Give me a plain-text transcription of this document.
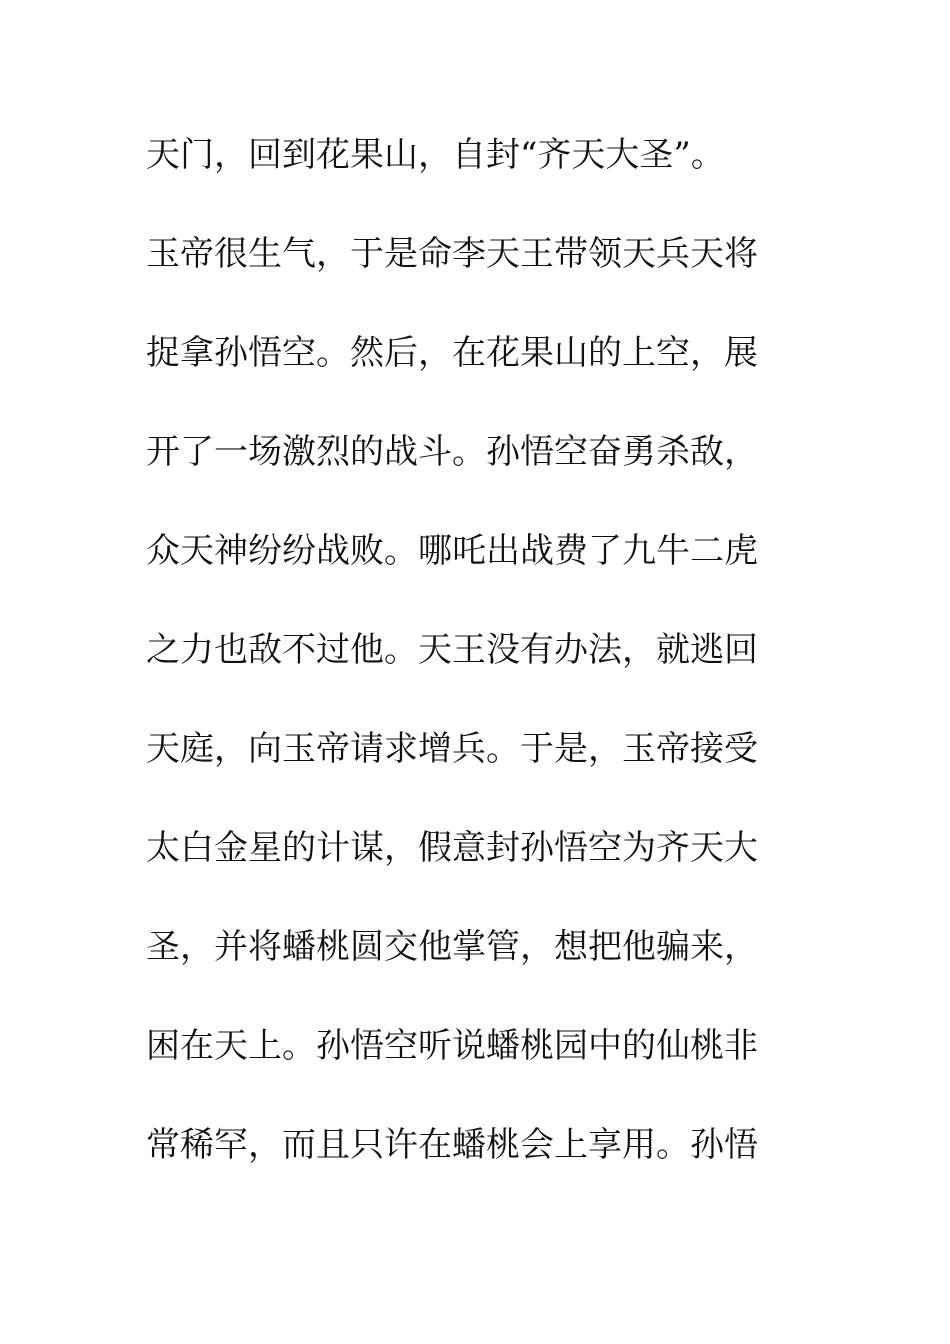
天门，回到花果山，自封“齐天大圣”。
玉帝很生气，于是命李天王带领天兵天将
捉拿孙悟空。然后，在花果山的上空，展
开了一场激烈的战斗。孙悟空奋勇杀敌，
众天神纷纷战败。哪吒出战费了九牛二虎
之力也敌不过他。天王没有办法，就逃回
天庭，向玉帝请求增兵。于是，玉帝接受
太白金星的计谋，假意封孙悟空为齐天大
圣，并将蟠桃圆交他掌管，想把他骗来，
困在天上。孙悟空听说蟠桃园中的仙桃非
常稀罕，而且只许在蟠桃会上享用。孙悟
